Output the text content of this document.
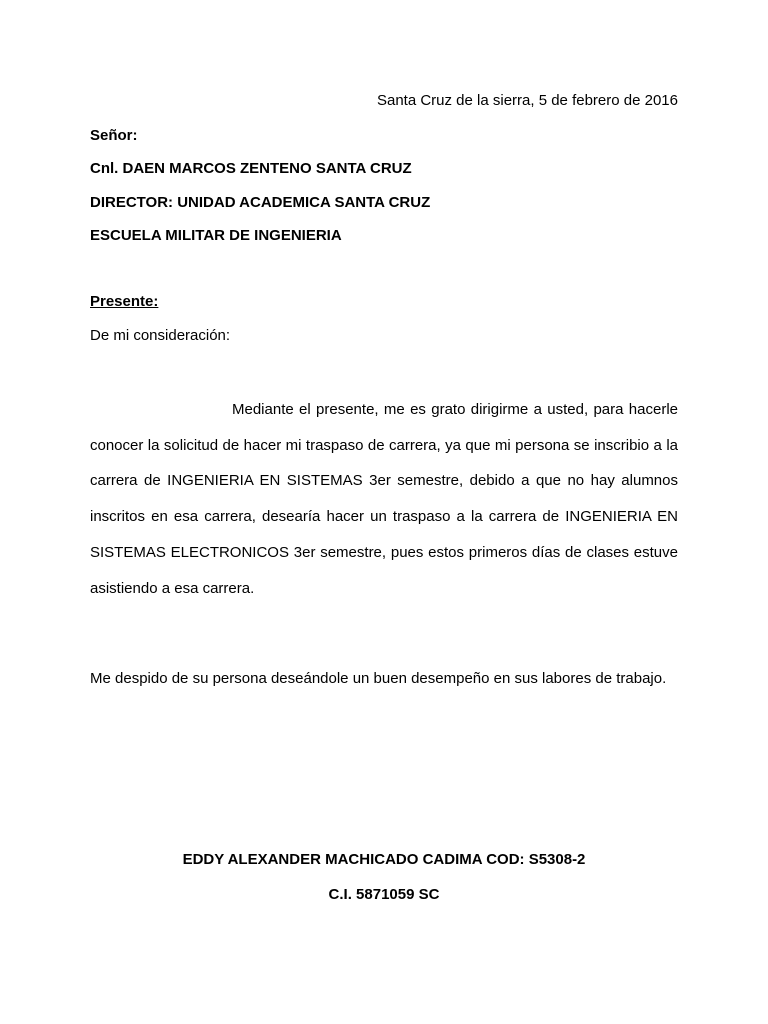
Santa Cruz de la sierra, 5 de febrero de 2016
Señor:
Cnl. DAEN MARCOS ZENTENO SANTA CRUZ
DIRECTOR: UNIDAD ACADEMICA SANTA CRUZ
ESCUELA MILITAR DE INGENIERIA
Presente:
De mi consideración:

Mediante el presente, me es grato dirigirme a usted, para hacerle conocer la solicitud de hacer mi traspaso de carrera, ya que mi persona se inscribio a la carrera de INGENIERIA EN SISTEMAS 3er semestre, debido a que no hay alumnos inscritos en esa carrera, desearía hacer un traspaso a la carrera de INGENIERIA EN SISTEMAS ELECTRONICOS 3er semestre, pues estos primeros días de clases estuve asistiendo a esa carrera.

Me despido de su persona deseándole un buen desempeño en sus labores de trabajo.
EDDY ALEXANDER MACHICADO CADIMA COD: S5308-2
C.I. 5871059 SC
